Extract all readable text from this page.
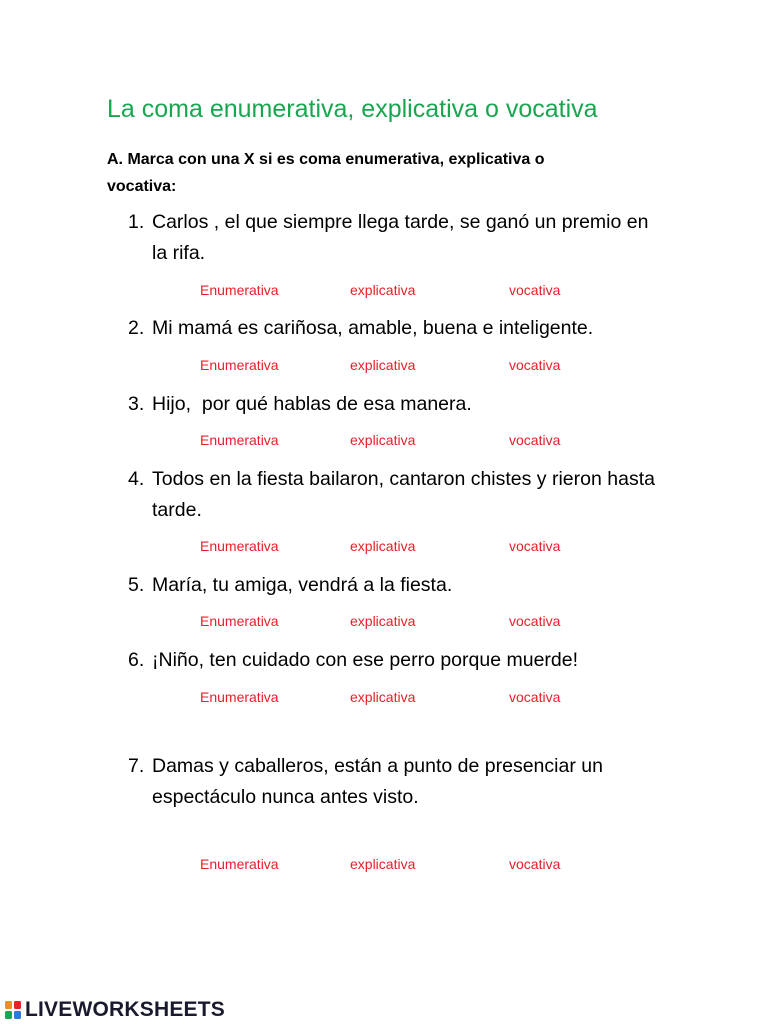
La coma enumerativa, explicativa o vocativa

A. Marca con una X si es coma enumerativa, explicativa o vocativa:

1. Carlos , el que siempre llega tarde, se ganó un premio en la rifa.
Enumerativa	explicativa	vocativa
2. Mi mamá es cariñosa, amable, buena e inteligente.
Enumerativa	explicativa	vocativa
3. Hijo,  por qué hablas de esa manera.
Enumerativa	explicativa	vocativa
4. Todos en la fiesta bailaron, cantaron chistes y rieron hasta tarde.
Enumerativa	explicativa	vocativa
5. María, tu amiga, vendrá a la fiesta.
Enumerativa	explicativa	vocativa
6. ¡Niño, ten cuidado con ese perro porque muerde!
Enumerativa	explicativa	vocativa
7. Damas y caballeros, están a punto de presenciar un espectáculo nunca antes visto.
Enumerativa	explicativa	vocativa
LIVEWORKSHEETS
